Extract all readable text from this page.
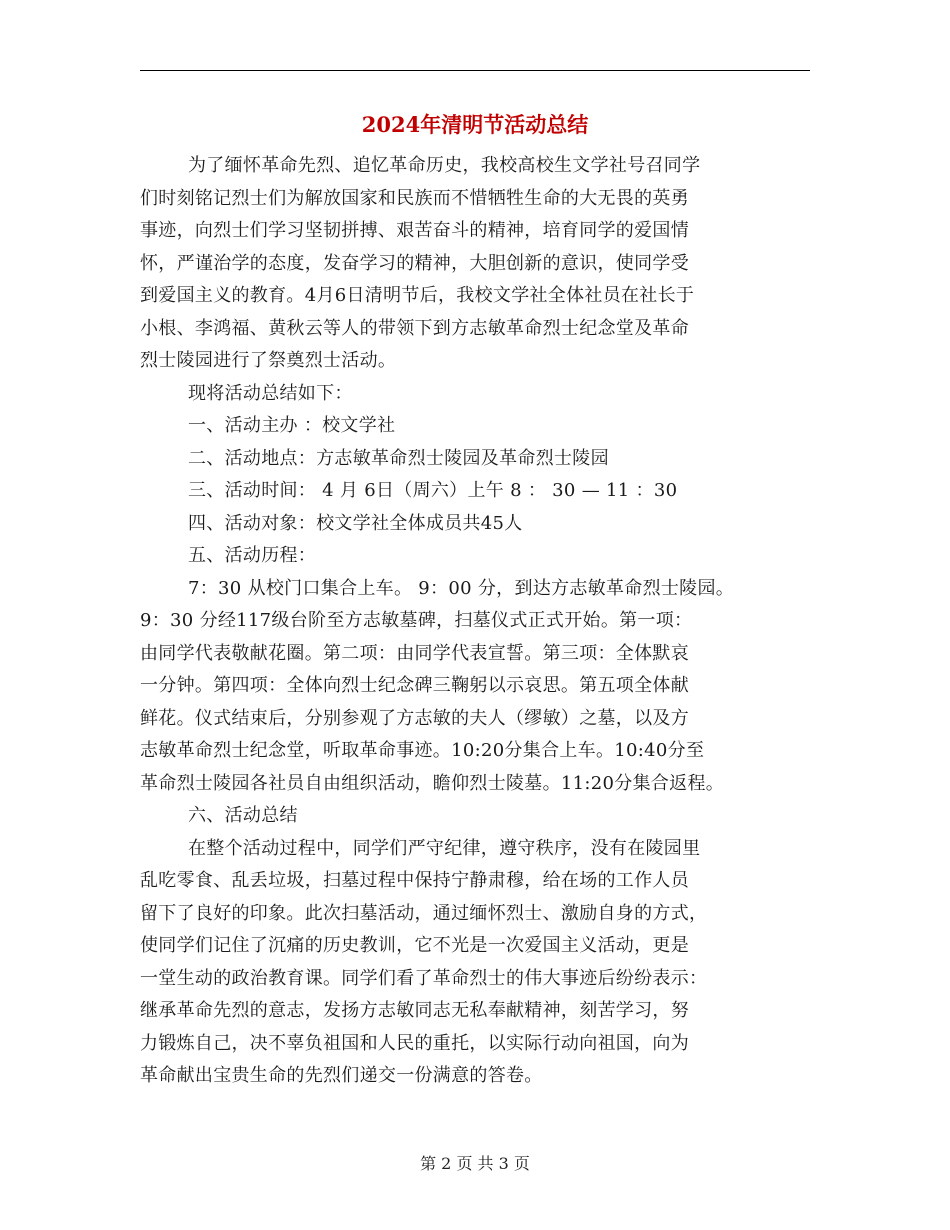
2024年清明节活动总结
为了缅怀革命先烈、追忆革命历史，我校高校生文学社号召同学
们时刻铭记烈士们为解放国家和民族而不惜牺牲生命的大无畏的英勇
事迹，向烈士们学习坚韧拼搏、艰苦奋斗的精神，培育同学的爱国情
怀，严谨治学的态度，发奋学习的精神，大胆创新的意识，使同学受
到爱国主义的教育。4月6日清明节后，我校文学社全体社员在社长于
小根、李鸿福、黄秋云等人的带领下到方志敏革命烈士纪念堂及革命
烈士陵园进行了祭奠烈士活动。
现将活动总结如下：
一、活动主办 ：校文学社
二、活动地点：方志敏革命烈士陵园及革命烈士陵园
三、活动时间： 4 月 6日（周六）上午 8 ： 30 — 11 ：30
四、活动对象：校文学社全体成员共45人
五、活动历程：
7：30 从校门口集合上车。 9：00 分，到达方志敏革命烈士陵园。
9：30 分经117级台阶至方志敏墓碑，扫墓仪式正式开始。第一项：
由同学代表敬献花圈。第二项：由同学代表宣誓。第三项：全体默哀
一分钟。第四项：全体向烈士纪念碑三鞠躬以示哀思。第五项全体献
鲜花。仪式结束后，分别参观了方志敏的夫人（缪敏）之墓，以及方
志敏革命烈士纪念堂，听取革命事迹。10:20分集合上车。10:40分至
革命烈士陵园各社员自由组织活动，瞻仰烈士陵墓。11:20分集合返程。
六、活动总结
在整个活动过程中，同学们严守纪律，遵守秩序，没有在陵园里
乱吃零食、乱丢垃圾，扫墓过程中保持宁静肃穆，给在场的工作人员
留下了良好的印象。此次扫墓活动，通过缅怀烈士、激励自身的方式，
使同学们记住了沉痛的历史教训，它不光是一次爱国主义活动，更是
一堂生动的政治教育课。同学们看了革命烈士的伟大事迹后纷纷表示：
继承革命先烈的意志，发扬方志敏同志无私奉献精神，刻苦学习，努
力锻炼自己，决不辜负祖国和人民的重托，以实际行动向祖国，向为
革命献出宝贵生命的先烈们递交一份满意的答卷。
第 2 页 共 3 页
